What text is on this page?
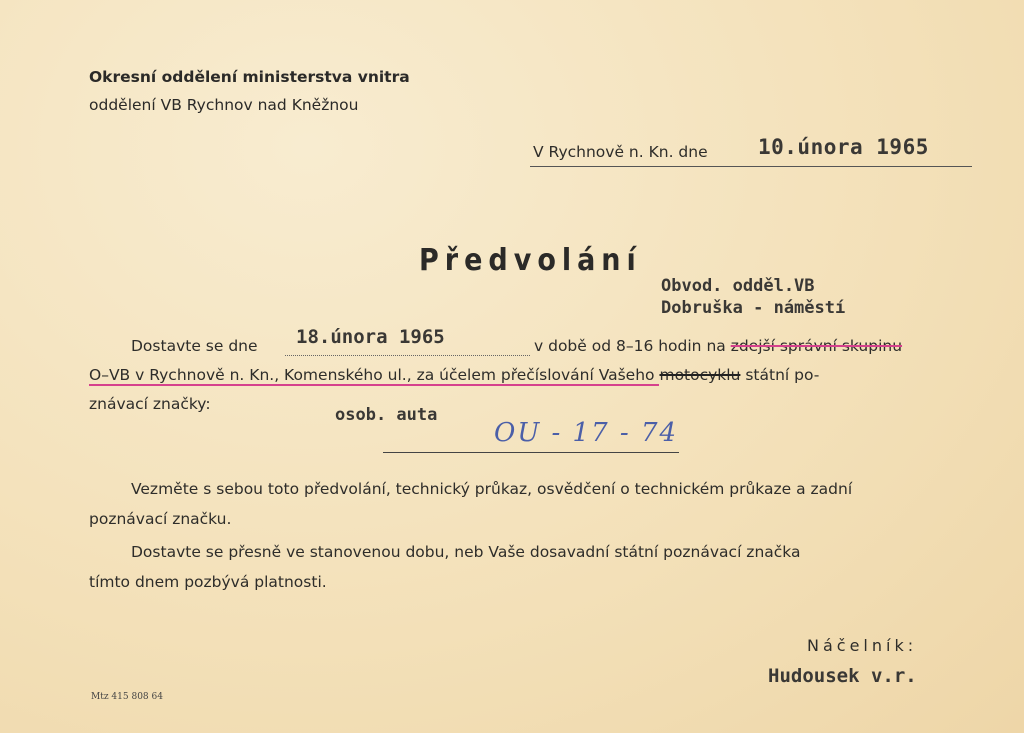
Okresní oddělení ministerstva vnitra
oddělení VB Rychnov nad Kněžnou
V Rychnově n. Kn. dne 10.února 1965
Předvolání
Obvod. odděl.VB
Dobruška - náměstí
Dostavte se dne 18.února 1965	v době od 8–16 hodin na zdejší správní skupinu
O–VB v Rychnově n. Kn., Komenského ul., za účelem přečíslování Vašeho motocyklu státní po-
znávací značky:
osob. auta
OU - 17 - 74
Vezměte s sebou toto předvolání, technický průkaz, osvědčení o technickém průkaze a zadní
poznávací značku.
Dostavte se přesně ve stanovenou dobu, neb Vaše dosavadní státní poznávací značka
tímto dnem pozbývá platnosti.
Náčelník:
Hudousek v.r.
Mtz 415 808 64
